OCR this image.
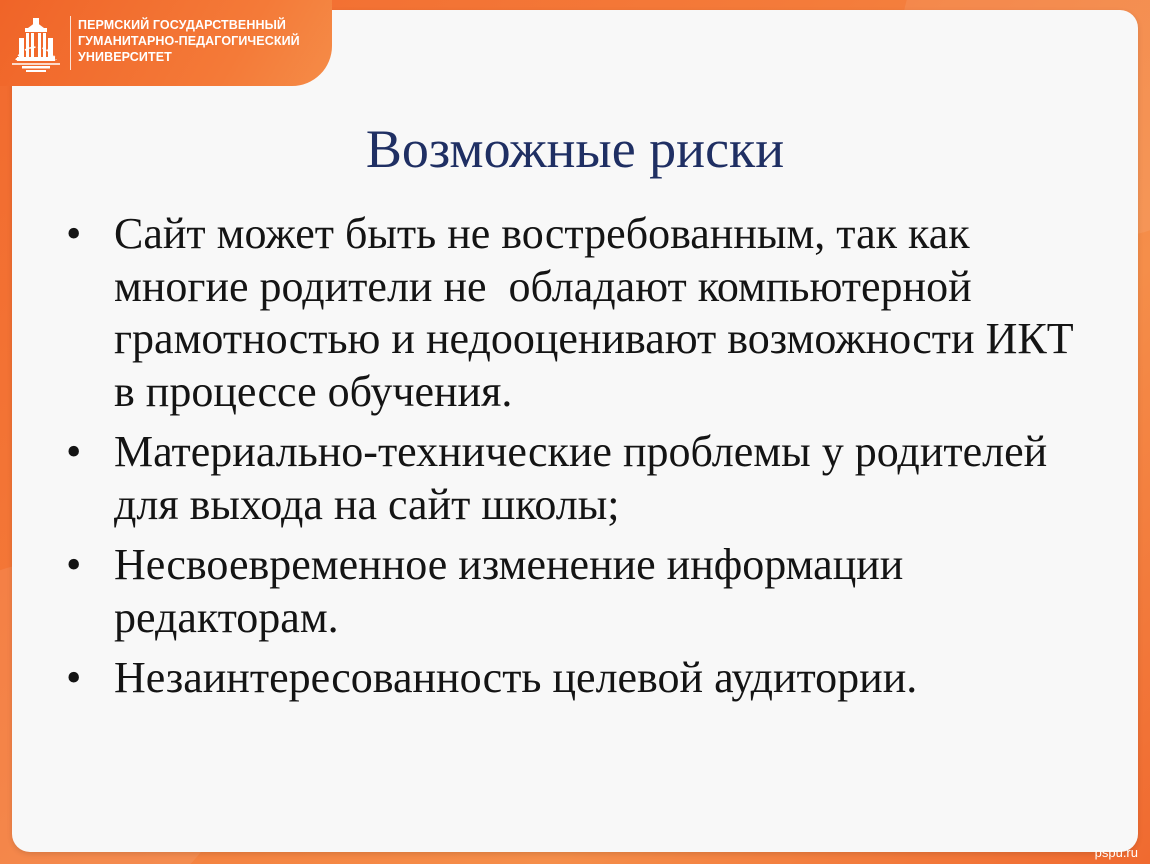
Возможные риски
• Сайт может быть не востребованным, так как многие родители не  обладают компьютерной грамотностью и недооценивают возможности ИКТ в процессе обучения.
• Материально-технические проблемы у родителей для выхода на сайт школы;
• Несвоевременное изменение информации редакторам.
• Незаинтересованность целевой аудитории.
ПЕРМСКИЙ ГОСУДАРСТВЕННЫЙ
ГУМАНИТАРНО-ПЕДАГОГИЧЕСКИЙ
УНИВЕРСИТЕТ
pspu.ru
